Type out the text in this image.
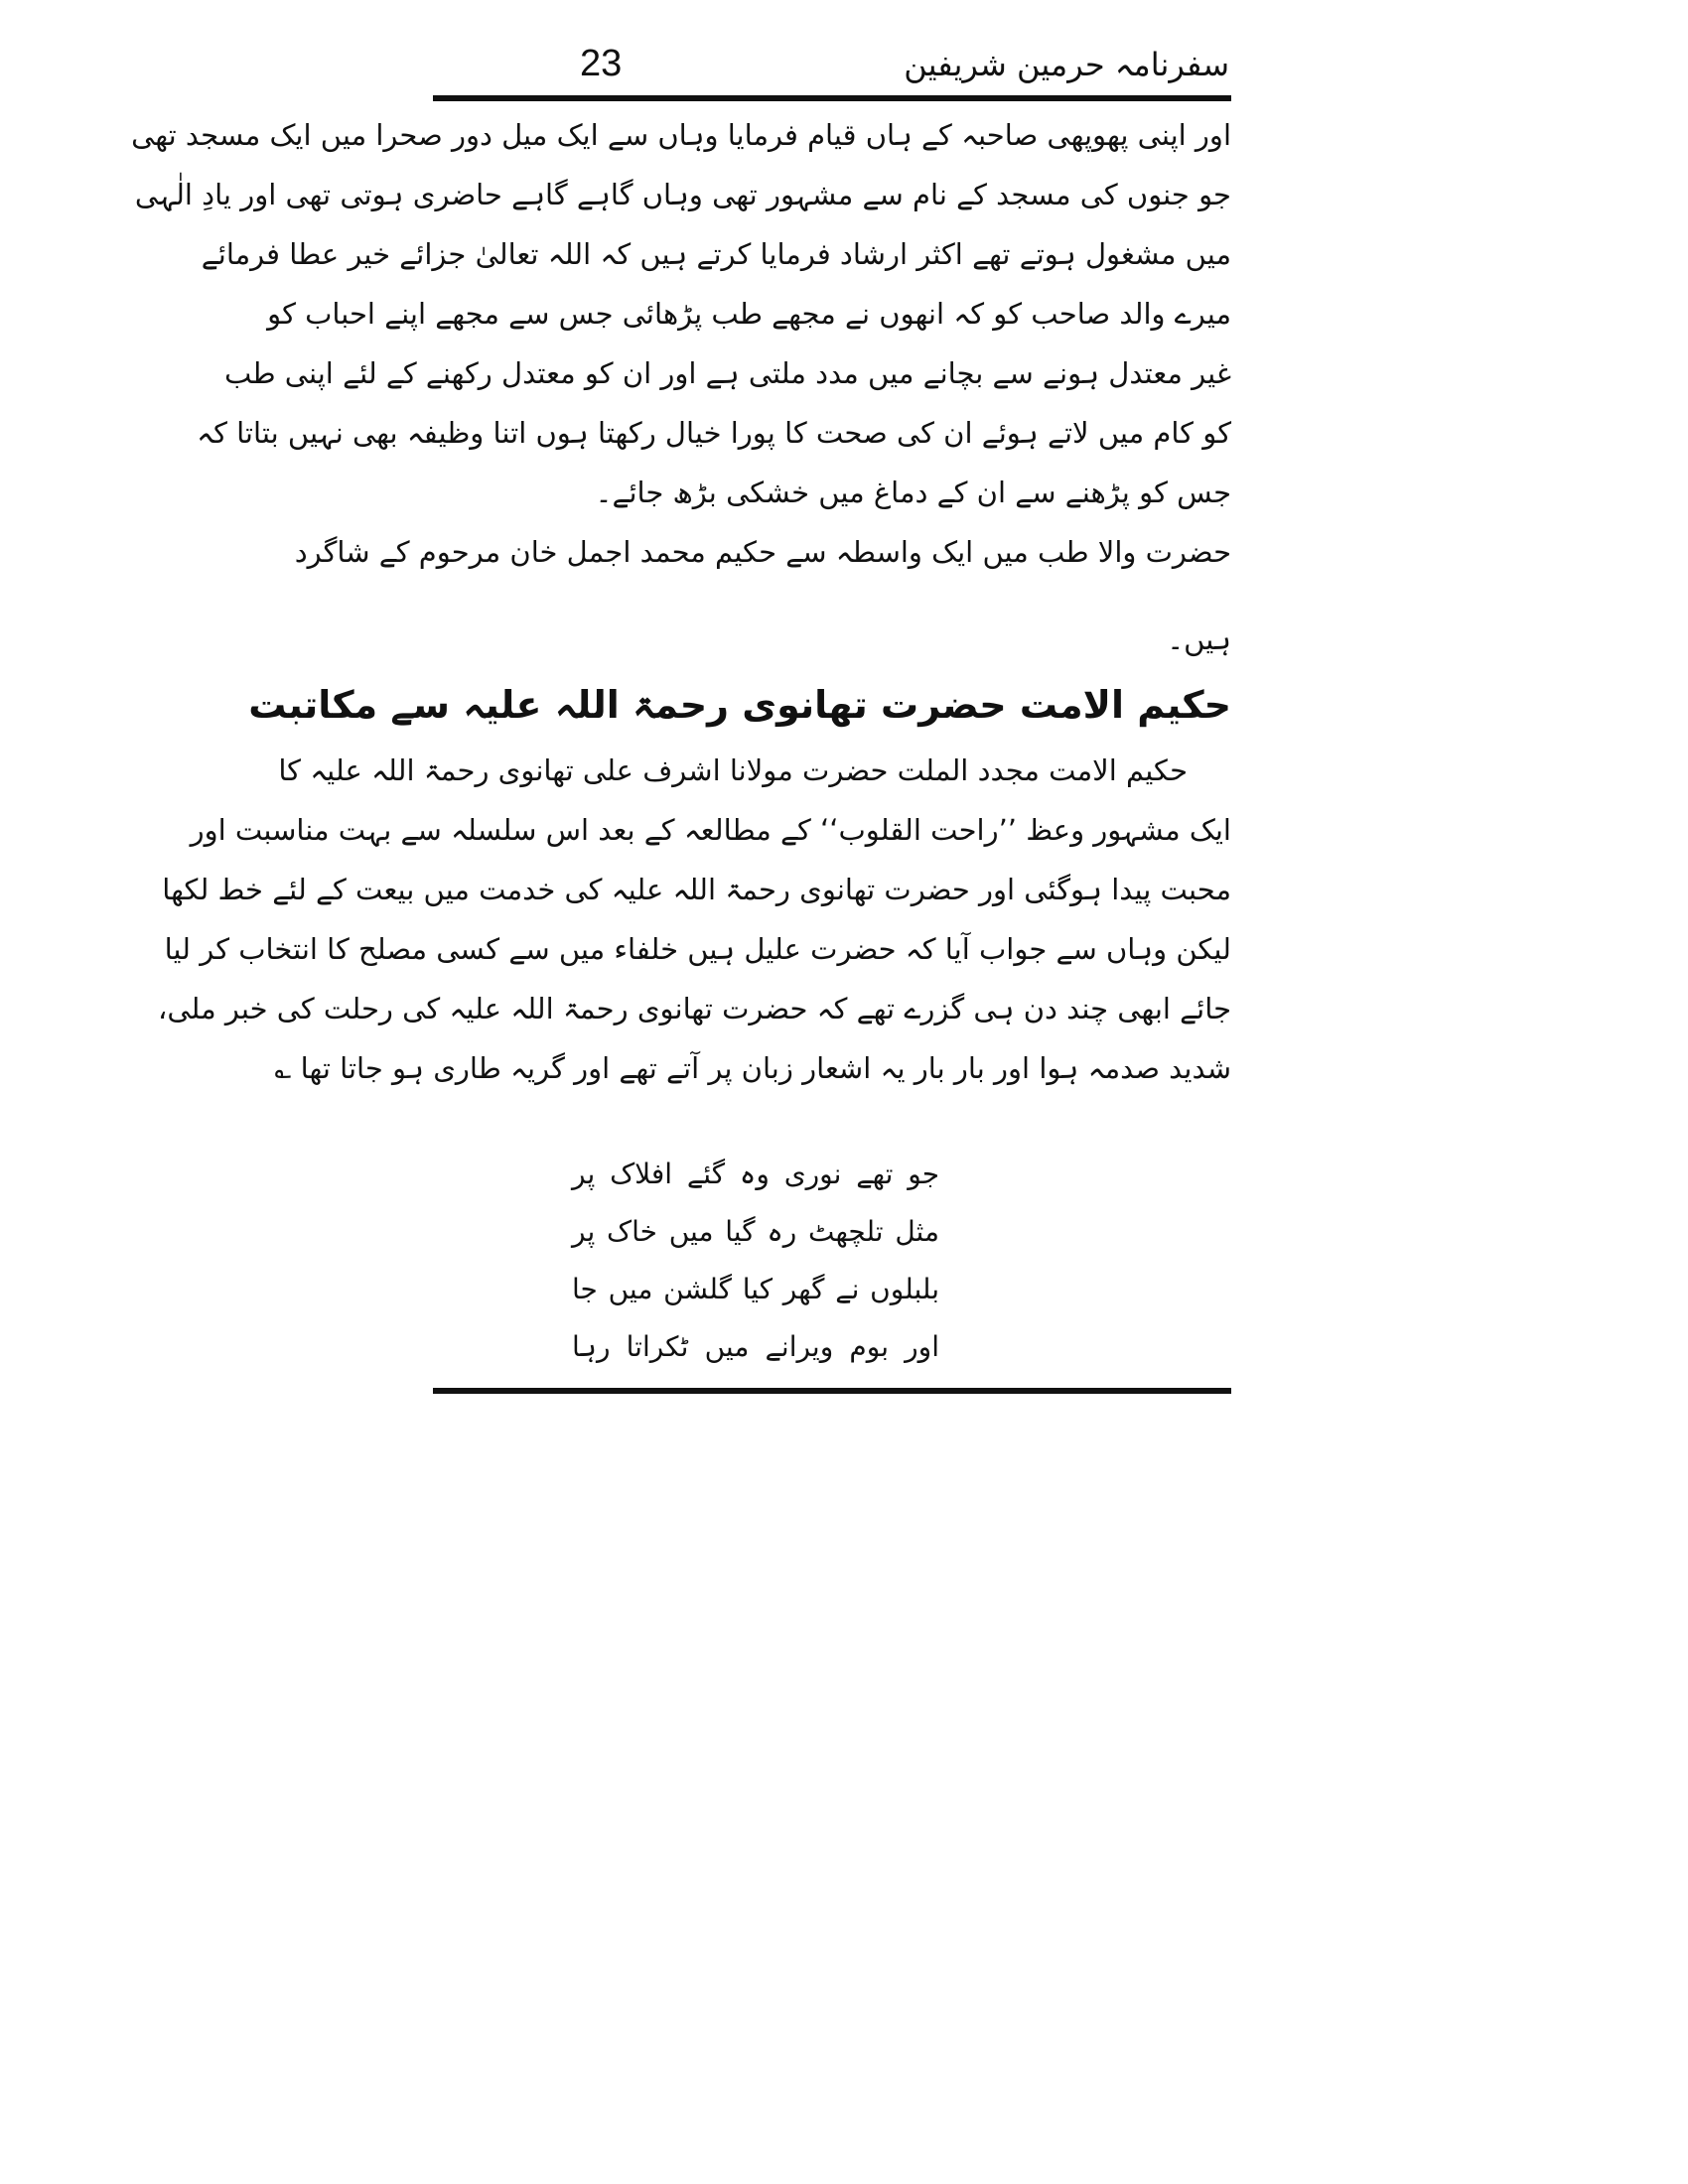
23	سفرنامہ حرمین شریفین
اور اپنی پھوپھی صاحبہ کے ہاں قیام فرمایا وہاں سے ایک میل دور صحرا میں ایک مسجد تھی
جو جنوں کی مسجد کے نام سے مشہور تھی وہاں گاہے گاہے حاضری ہوتی تھی اور یادِ الٰہی
میں مشغول ہوتے تھے اکثر ارشاد فرمایا کرتے ہیں کہ اللہ تعالیٰ جزائے خیر عطا فرمائے
میرے والد صاحب کو کہ انھوں نے مجھے طب پڑھائی جس سے مجھے اپنے احباب کو
غیر معتدل ہونے سے بچانے میں مدد ملتی ہے اور ان کو معتدل رکھنے کے لئے اپنی طب
کو کام میں لاتے ہوئے ان کی صحت کا پورا خیال رکھتا ہوں اتنا وظیفہ بھی نہیں بتاتا کہ
جس کو پڑھنے سے ان کے دماغ میں خشکی بڑھ جائے۔
حضرت والا طب میں ایک واسطہ سے حکیم محمد اجمل خان مرحوم کے شاگرد
ہیں۔
حکیم الامت حضرت تھانوی رحمۃ اللہ علیہ سے مکاتبت
حکیم الامت مجدد الملت حضرت مولانا اشرف علی تھانوی رحمۃ اللہ علیہ کا
ایک مشہور وعظ ’’راحت القلوب‘‘ کے مطالعہ کے بعد اس سلسلہ سے بہت مناسبت اور
محبت پیدا ہوگئی اور حضرت تھانوی رحمۃ اللہ علیہ کی خدمت میں بیعت کے لئے خط لکھا
لیکن وہاں سے جواب آیا کہ حضرت علیل ہیں خلفاء میں سے کسی مصلح کا انتخاب کر لیا
جائے ابھی چند دن ہی گزرے تھے کہ حضرت تھانوی رحمۃ اللہ علیہ کی رحلت کی خبر ملی،
شدید صدمہ ہوا اور بار بار یہ اشعار زبان پر آتے تھے اور گریہ طاری ہو جاتا تھا ؎
جو تھے نوری وہ گئے افلاک پر
مثل تلچھٹ رہ گیا میں خاک پر
بلبلوں نے گھر کیا گلشن میں جا
اور بوم ویرانے میں ٹکراتا رہا
